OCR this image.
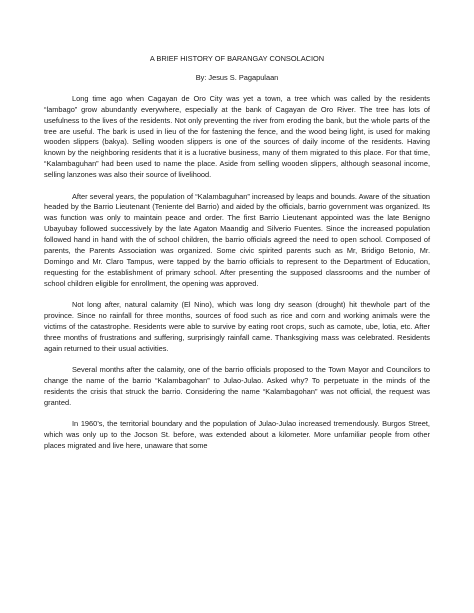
A BRIEF HISTORY OF BARANGAY CONSOLACION
By: Jesus S. Pagapulaan

Long time ago when Cagayan de Oro City was yet a town, a tree which was called by the residents “lambago” grow abundantly everywhere, especially at the bank of Cagayan de Oro River. The tree has lots of usefulness to the lives of the residents. Not only preventing the river from eroding the bank, but the whole parts of the tree are useful. The bark is used in lieu of the for fastening the fence, and the wood being light, is used for making wooden slippers (bakya). Selling wooden slippers is one of the sources of daily income of the residents. Having known by the neighboring residents that it is a lucrative business, many of them migrated to this place. For that time, “Kalambaguhan” had been used to name the place. Aside from selling wooden slippers, although seasonal income, selling lanzones was also their source of livelihood.

After several years, the population of “Kalambaguhan” increased by leaps and bounds. Aware of the situation headed by the Barrio Lieutenant (Teniente del Barrio) and aided by the officials, barrio government was organized. Its was function was only to maintain peace and order. The first Barrio Lieutenant appointed was the late Benigno Ubayubay followed successively by the late Agaton Maandig and Silverio Fuentes. Since the increased population followed hand in hand with the of school children, the barrio officials agreed the need to open school. Composed of parents, the Parents Association was organized. Some civic spirited parents such as Mr, Bridigo Betonio, Mr. Domingo and Mr. Claro Tampus, were tapped by the barrio officials to represent to the Department of Education, requesting for the establishment of primary school. After presenting the supposed classrooms and the number of school children eligible for enrollment, the opening was approved.

Not long after, natural calamity (El Nino), which was long dry season (drought) hit thewhole part of the province. Since no rainfall for three months, sources of food such as rice and corn and working animals were the victims of the catastrophe. Residents were able to survive by eating root crops, such as camote, ube, lotia, etc. After three months of frustrations and suffering, surprisingly rainfall came. Thanksgiving mass was celebrated. Residents again returned to their usual activities.

Several months after the calamity, one of the barrio officials proposed to the Town Mayor and Councilors to change the name of the barrio “Kalambagohan” to Julao-Julao. Asked why? To perpetuate in the minds of the residents the crisis that struck the barrio. Considering the name “Kalambagohan” was not official, the request was granted.

In 1960’s, the territorial boundary and the population of Julao-Julao increased tremendously. Burgos Street, which was only up to the Jocson St. before, was extended about a kilometer. More unfamiliar people from other places migrated and live here, unaware that some
